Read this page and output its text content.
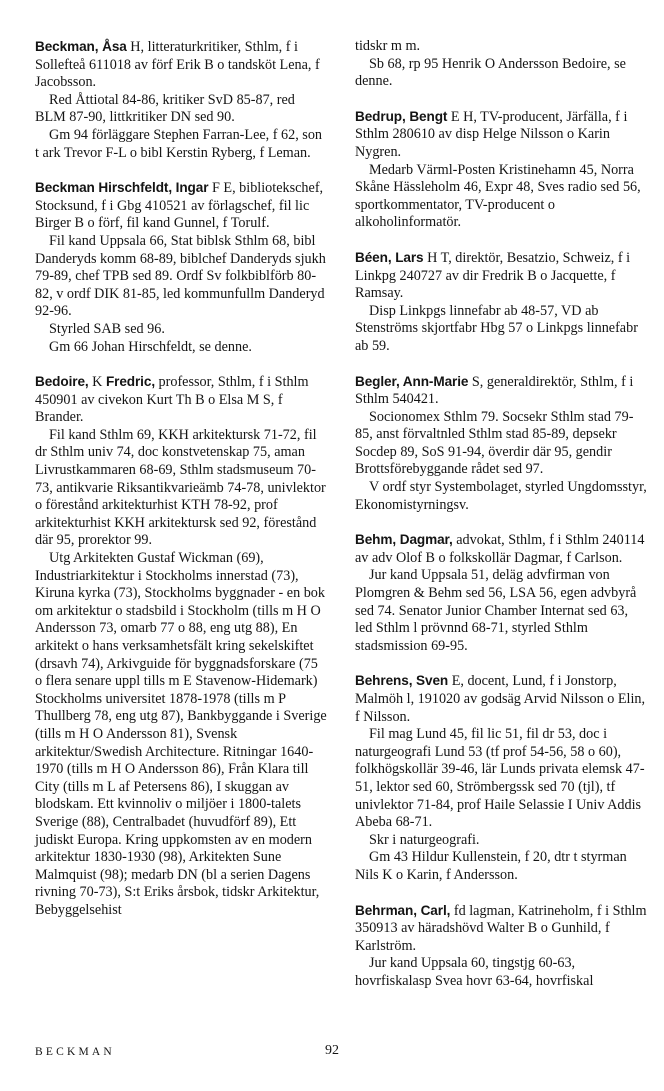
Beckman, Åsa H, litteraturkritiker, Sthlm, f i Sollefteå 611018 av förf Erik B o tandsköt Lena, f Jacobsson.

Red Åttiotal 84-86, kritiker SvD 85-87, red BLM 87-90, littkritiker DN sed 90.

Gm 94 förläggare Stephen Farran-Lee, f 62, son t ark Trevor F-L o bibl Kerstin Ryberg, f Leman.

Beckman Hirschfeldt, Ingar F E, bibliotekschef, Stocksund, f i Gbg 410521 av förlagschef, fil lic Birger B o förf, fil kand Gunnel, f Torulf.

Fil kand Uppsala 66, Stat biblsk Sthlm 68, bibl Danderyds komm 68-89, biblchef Danderyds sjukh 79-89, chef TPB sed 89. Ordf Sv folkbiblförb 80-82, v ordf DIK 81-85, led kommunfullm Danderyd 92-96.

Styrled SAB sed 96.

Gm 66 Johan Hirschfeldt, se denne.

Bedoire, K Fredric, professor, Sthlm, f i Sthlm 450901 av civekon Kurt Th B o Elsa M S, f Brander.

Fil kand Sthlm 69, KKH arkitektursk 71-72, fil dr Sthlm univ 74, doc konstvetenskap 75, aman Livrustkammaren 68-69, Sthlm stadsmuseum 70-73, antikvarie Riksantikvarieämb 74-78, univlektor o förestånd arkitekturhist KTH 78-92, prof arkitekturhist KKH arkitektursk sed 92, förestånd där 95, prorektor 99.

Utg Arkitekten Gustaf Wickman (69), Industriarkitektur i Stockholms innerstad (73), Kiruna kyrka (73), Stockholms byggnader - en bok om arkitektur o stadsbild i Stockholm (tills m H O Andersson 73, omarb 77 o 88, eng utg 88), En arkitekt o hans verksamhetsfält kring sekelskiftet (drsavh 74), Arkivguide för byggnadsforskare (75 o flera senare uppl tills m E Stavenow-Hidemark) Stockholms universitet 1878-1978 (tills m P Thullberg 78, eng utg 87), Bankbyggande i Sverige (tills m H O Andersson 81), Svensk arkitektur/Swedish Architecture. Ritningar 1640-1970 (tills m H O Andersson 86), Från Klara till City (tills m L af Petersens 86), I skuggan av blodskam. Ett kvinnoliv o miljöer i 1800-talets Sverige (88), Centralbadet (huvudförf 89), Ett judiskt Europa. Kring uppkomsten av en modern arkitektur 1830-1930 (98), Arkitekten Sune Malmquist (98); medarb DN (bl a serien Dagens rivning 70-73), S:t Eriks årsbok, tidskr Arkitektur, Bebyggelsehist

tidskr m m.

Sb 68, rp 95 Henrik O Andersson Bedoire, se denne.

Bedrup, Bengt E H, TV-producent, Järfälla, f i Sthlm 280610 av disp Helge Nilsson o Karin Nygren.

Medarb Värml-Posten Kristinehamn 45, Norra Skåne Hässleholm 46, Expr 48, Sves radio sed 56, sportkommentator, TV-producent o alkoholinformatör.

Béen, Lars H T, direktör, Besatzio, Schweiz, f i Linkpg 240727 av dir Fredrik B o Jacquette, f Ramsay.

Disp Linkpgs linnefabr ab 48-57, VD ab Stenströms skjortfabr Hbg 57 o Linkpgs linnefabr ab 59.

Begler, Ann-Marie S, generaldirektör, Sthlm, f i Sthlm 540421.

Socionomex Sthlm 79. Socsekr Sthlm stad 79-85, anst förvaltnled Sthlm stad 85-89, depsekr Socdep 89, SoS 91-94, överdir där 95, gendir Brottsförebyggande rådet sed 97.

V ordf styr Systembolaget, styrled Ungdomsstyr, Ekonomistyrningsv.

Behm, Dagmar, advokat, Sthlm, f i Sthlm 240114 av adv Olof B o folkskollär Dagmar, f Carlson.

Jur kand Uppsala 51, deläg advfirman von Plomgren & Behm sed 56, LSA 56, egen advbyrå sed 74. Senator Junior Chamber Internat sed 63, led Sthlm l prövnnd 68-71, styrled Sthlm stadsmission 69-95.

Behrens, Sven E, docent, Lund, f i Jonstorp, Malmöh l, 191020 av godsäg Arvid Nilsson o Elin, f Nilsson.

Fil mag Lund 45, fil lic 51, fil dr 53, doc i naturgeografi Lund 53 (tf prof 54-56, 58 o 60), folkhögskollär 39-46, lär Lunds privata elemsk 47-51, lektor sed 60, Strömbergssk sed 70 (tjl), tf univlektor 71-84, prof Haile Selassie I Univ Addis Abeba 68-71.

Skr i naturgeografi.

Gm 43 Hildur Kullenstein, f 20, dtr t styrman Nils K o Karin, f Andersson.

Behrman, Carl, fd lagman, Katrineholm, f i Sthlm 350913 av häradshövd Walter B o Gunhild, f Karlström.

Jur kand Uppsala 60, tingstjg 60-63, hovrfiskalasp Svea hovr 63-64, hovrfiskal

BECKMAN	92
